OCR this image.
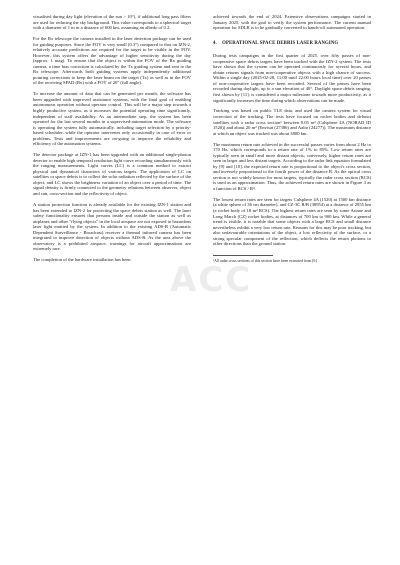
visualised during day light (elevation of the sun > 10°), if additional long pass filters are used for reducing the sky background. This value corresponds to a spherical target with a diameter of 1 m in a distance of 600 km, assuming an albedo of 0.2.

For the Rx telescope the camera installed in the laser detection package can be used for guiding purposes. Since the FOV is very small (0.3°) compared to that on IZN-2, relatively accurate predictions are required for the target to be visible in the FOV. However, this system offers the advantage of higher sensitivity during the day (approx. 1 mag). To ensure that the object is within the FOV of the Rx guiding camera, a time bias correction is calculated by the Tx guiding system and sent to the Rx telescope. Afterwards both guiding systems apply independently additional pointing corrections to keep the laser beam on the target (Tx) as well as in the FOV of the receiving SPAD (Rx) with a FOV of 20″ (full angle).

To increase the amount of data that can be generated per month, the software has been upgraded with improved assistance systems, with the final goal of enabling autonomous operation without operator control. This will be a major step towards a highly productive system, as it increases the potential operating time significantly, independent of staff availability. As an intermediate step, the system has been operated for the last several months in a supervised-automation mode. The software is operating the system fully automatically, including target selection by a priority-based scheduler, while the operator intervenes only occasionally in case of error or problems. Tests and improvements are on-going to improve the reliability and efficiency of the automation systems.

The detector package at IZN-1 has been upgraded with an additional single-photon detector to enable high temporal resolution light curve recording simultaneously with the ranging measurements. Light curves (LC) is a common method to extract physical and dynamical characters of various targets. The application of LC on satellites or space debris is to collect the solar radiation reflected by the surface of the object, and LC shows the brightness variation of an object over a period of time. The signal density is firmly connected to the geometry relations between observer, object and sun, cross-section and the reflectivity of object.

A station protection function is already available for the existing IZN-1 station and has been extended to IZN-2 for protecting the space debris station as well. The laser safety functionality ensures that persons inside and outside the station as well as airplanes and other "flying objects" in the local airspace are not exposed to hazardous laser light emitted by the system. In addition to the existing ADS-B (Automatic Dependent Surveillance - Broadcast) receiver a thermal infrared camera has been integrated to improve detection of objects without ADS-B. As the area above the observatory is a prohibited airspace, warnings for aircraft approximations are extremely rare.

The completion of the hardware installation has been

achieved towards the end of 2024. Extensive observations campaigns started in January 2025, with the goal to verify the system performance. The current manual operation for SDLR is to be gradually converted to hands-off automated operation.

4. OPERATIONAL SPACE DEBRIS LASER RANGING

During tests campaigns in the first quarter of 2025, over fifty passes of non-cooperative space debris targets have been tracked with the IZN-2 system. The tests have shown that the system can be operated continuously for several hours, and obtain returns signals from non-cooperative objects with a high chance of success. Within a single day (2025-02-28, 11:00 until 22:00 hours local time) over 20 passes of non-cooperative targets have been recorded. Several of the passes have been recorded during daylight, up to a sun elevation of 40°. Daylight space debris ranging, first shown by [11], is considered a major milestone towards more productivity, as it significantly increases the time during which observations can be made.

Tracking was based on public TLE data, and used the camera system for visual correction of the tracking. The tests have focused on rocket bodies and defunct satellites with a radar cross section¹ between 0.05 m² (Calsphere 4A (NORAD ID 1520)) and about 20 m² (Envisat (27386) and Aalto (24277)). The maximum distance at which an object was tracked was about 3800 km.

The maximum return rate achieved in the successful passes varies from about 2 Hz to 170 Hz, which corresponds to a return rate of 1% to 85%. Low return rates are typically seen in small and more distant objects; conversely, higher return rates are seen in larger and less distant targets. According to the radar link equation formulated by [9] and [10], the expected return rate is proportional to the object's cross section, and inversely proportional to the fourth power of the distance R. As the optical cross section is not widely known for most targets, typically the radar cross section (RCS) is used as an approximation. Thus, the achieved return rates are shown in Figure 3 as a function of RCS / R⁴.

The lowest return rates are seen for targets Calsphere 4A (1520) at 1500 km distance (a white sphere of 36 cm diameter), and CZ-3C R/B (38954) at a distance of 2955 km (a rocket body of 18 m² RCS). The highest return rates are seen by some Ariane and Long March (CZ) rocket bodies, at distances of 700 km to 900 km. While a general trend is visible, it is notable that some objects with a large RCS and small distance nevertheless exhibit a very low return rate. Reasons for this may be poor tracking, but also unfavourable orientations of the object, a low reflectivity of the surface, or a strong specular component of the reflection, which deflects the return photons to other directions than the ground station.

¹All radar cross sections of this section have been extracted from [6]
ACC
